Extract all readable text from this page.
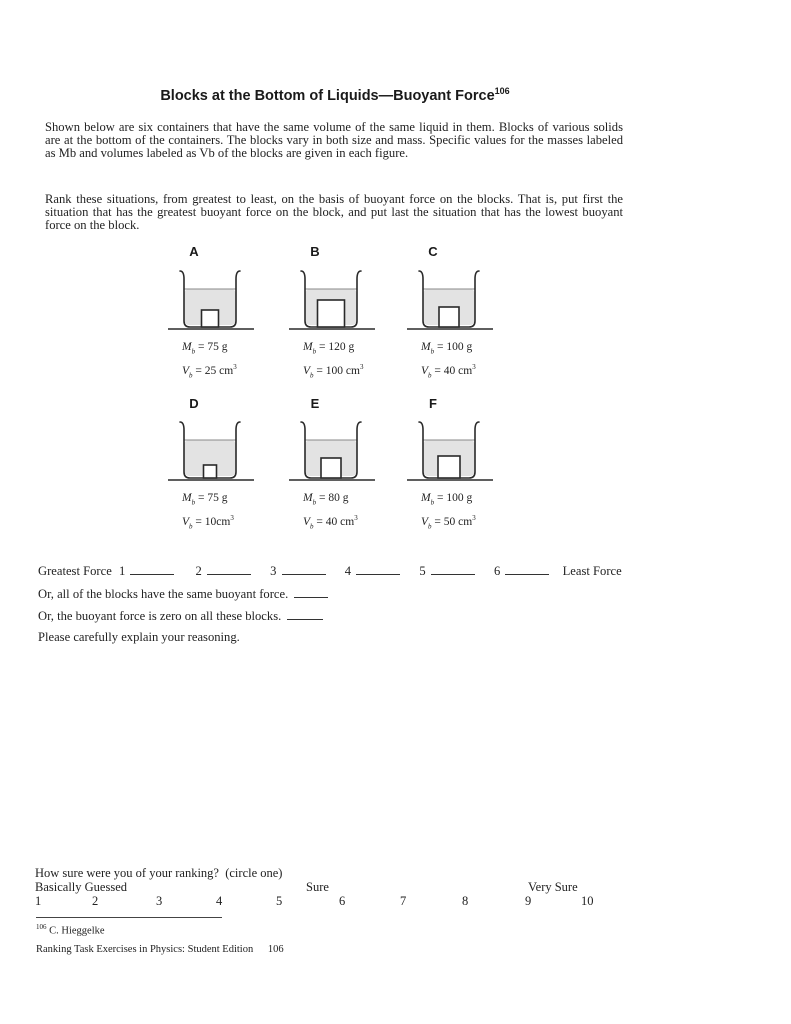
Blocks at the Bottom of Liquids—Buoyant Force$^{106}$
Shown below are six containers that have the same volume of the same liquid in them. Blocks of various solids are at the bottom of the containers. The blocks vary in both size and mass. Specific values for the masses labeled as Mb and volumes labeled as Vb of the blocks are given in each figure.
Rank these situations, from greatest to least, on the basis of buoyant force on the blocks. That is, put first the situation that has the greatest buoyant force on the block, and put last the situation that has the lowest buoyant force on the block.
A
$M_b = 75$ g
$V_b = 25$ $cm^3$
B
$M_b = 120$ g
$V_b = 100$ $cm^3$
C
$M_b = 100$ g
$V_b = 40$ $cm^3$
D
$M_b = 75$ g
$V_b = 10cm^3$
E
$M_b = 80$ g
$V_b = 40$ $cm^3$
F
$M_b = 100$ g
$V_b = 50$ $cm^3$
Greatest Force 1	2	3	4	5	6	Least Force
Or, all of the blocks have the same buoyant force.
Or, the buoyant force is zero on all these blocks.
Please carefully explain your reasoning.
How sure were you of your ranking?  (circle one)
Basically Guessed	Sure	Very Sure
1	2	3	4	5	6	7	8	9	10
$^{106}$ C. Hieggelke
Ranking Task Exercises in Physics: Student Edition 106
